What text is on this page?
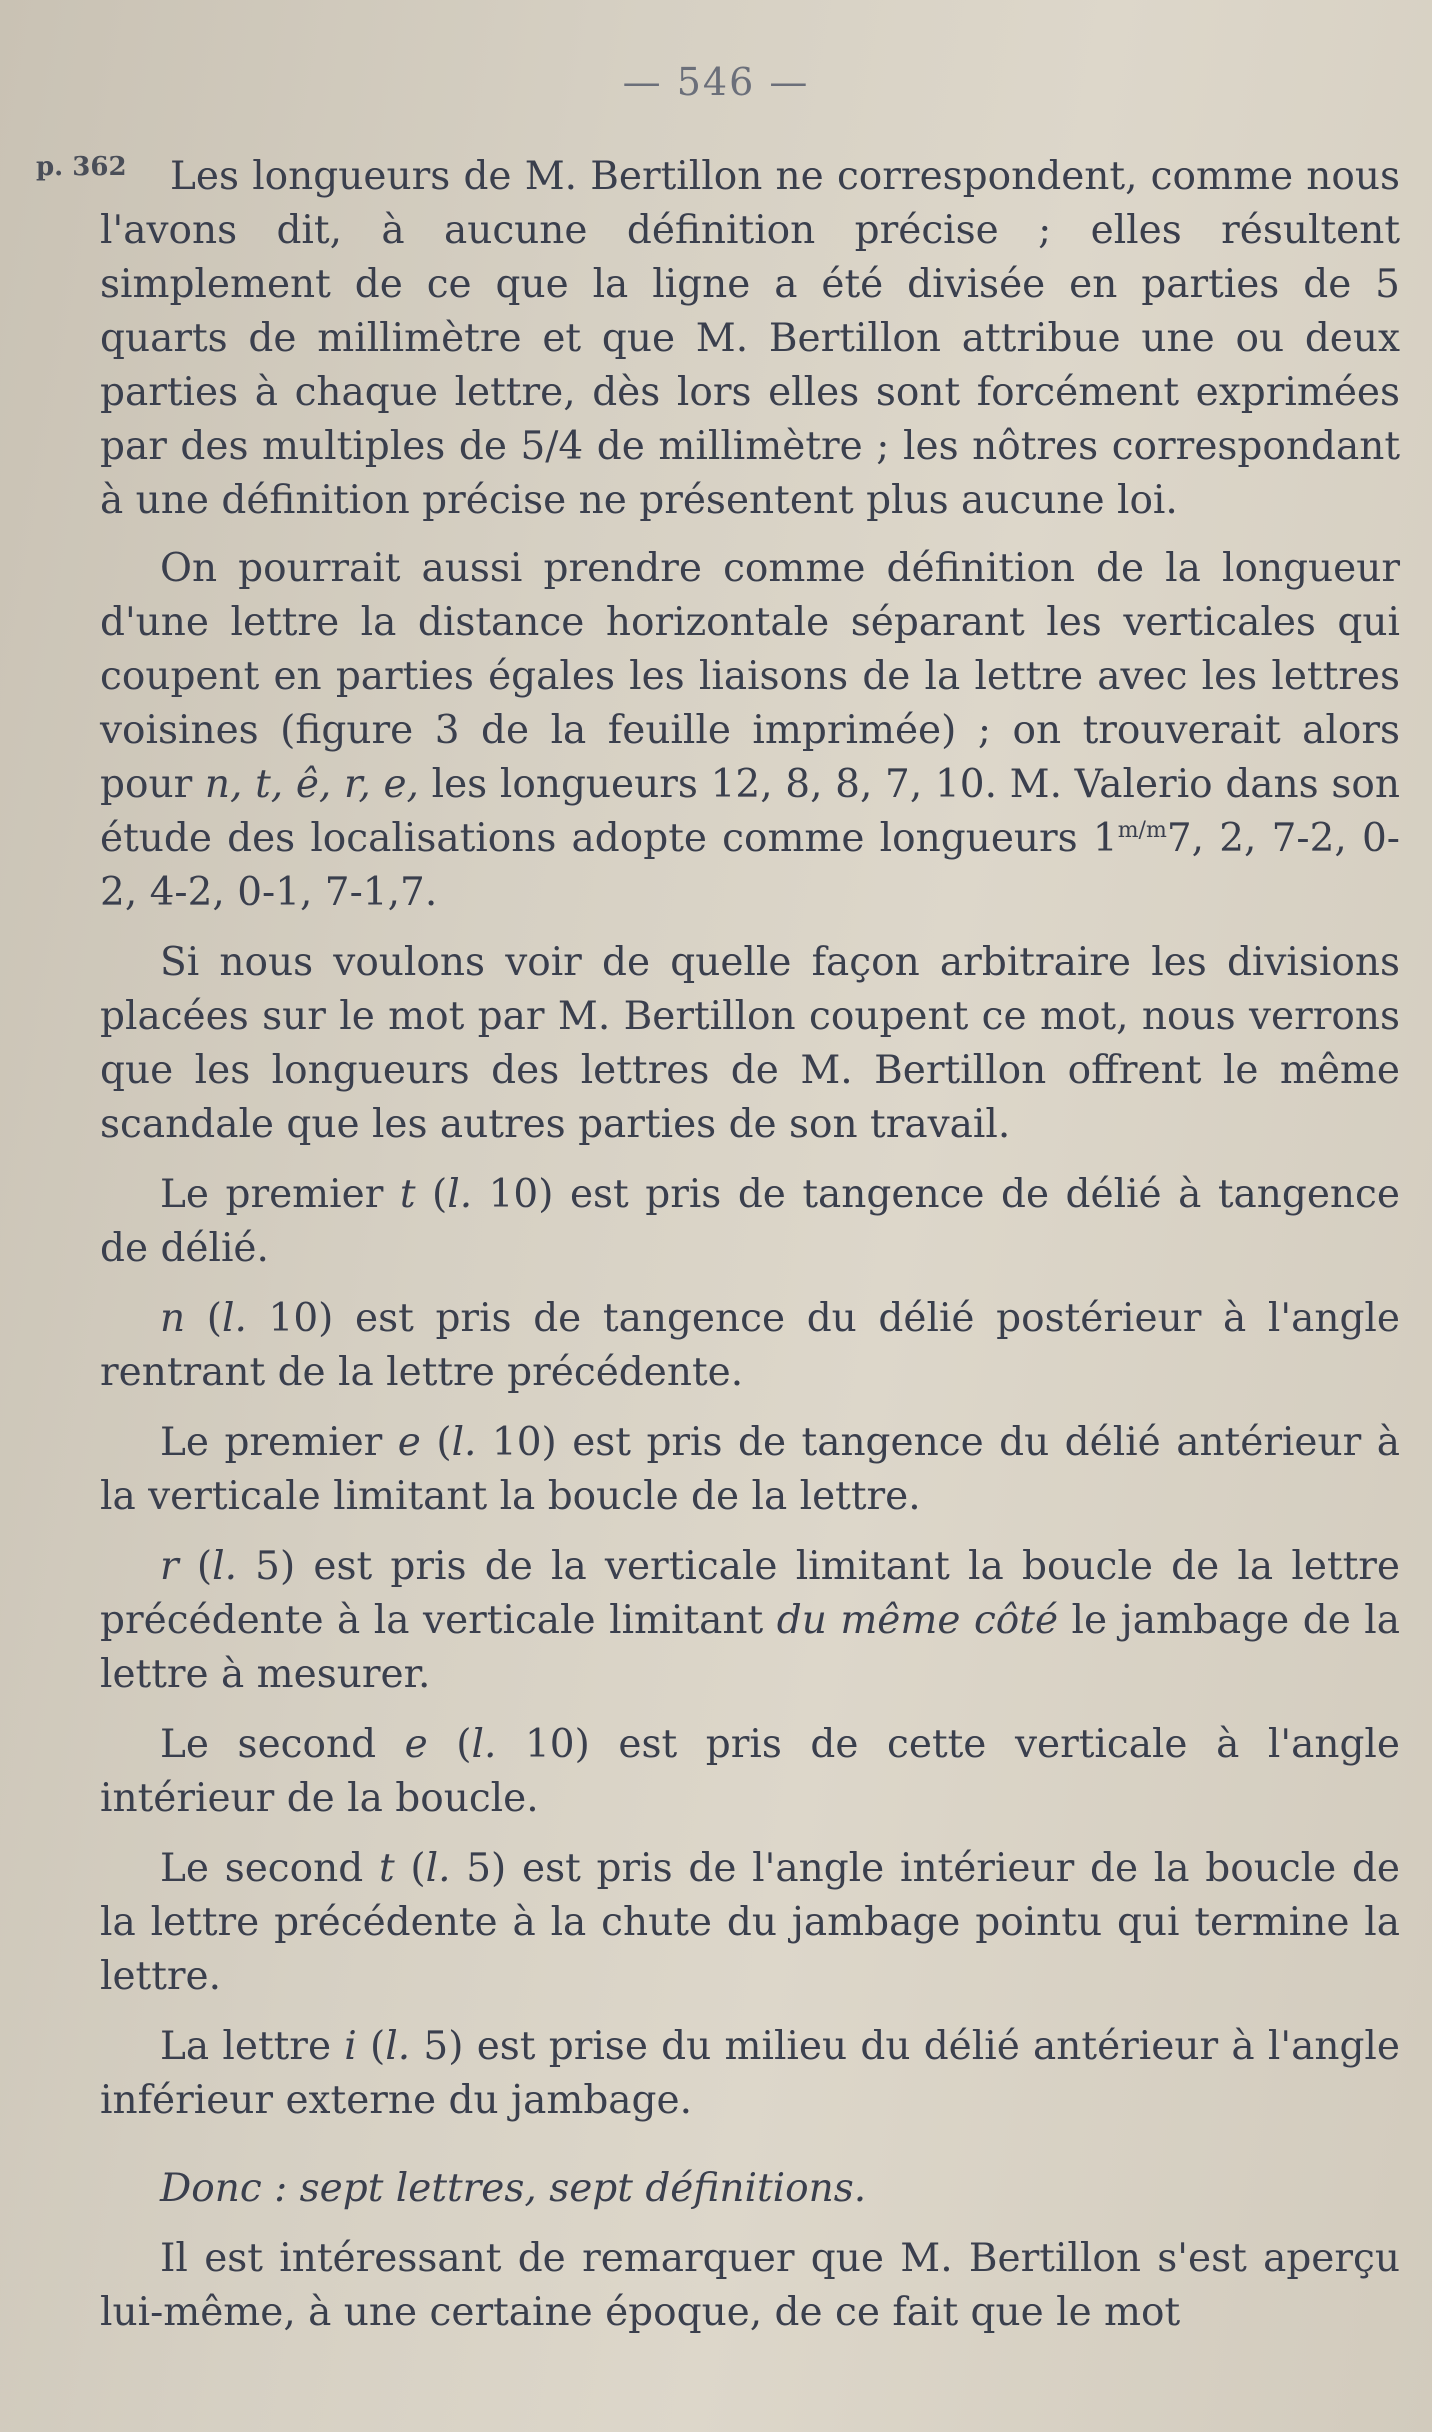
— 546 —
p. 362	Les longueurs de M. Bertillon ne correspondent, comme nous l'avons dit, à aucune définition précise ; elles résultent simplement de ce que la ligne a été divisée en parties de 5 quarts de millimètre et que M. Bertillon attribue une ou deux parties à chaque lettre, dès lors elles sont forcément exprimées par des multiples de 5/4 de millimètre ; les nôtres correspondant à une définition précise ne présentent plus aucune loi.

On pourrait aussi prendre comme définition de la longueur d'une lettre la distance horizontale séparant les verticales qui coupent en parties égales les liaisons de la lettre avec les lettres voisines (figure 3 de la feuille imprimée) ; on trouverait alors pour n, t, ê, r, e, les longueurs 12, 8, 8, 7, 10. M. Valerio dans son étude des localisations adopte comme longueurs $1^{m/m}7$, 2, 7-2, 0-2, 4-2, 0-1, 7-1,7.

Si nous voulons voir de quelle façon arbitraire les divisions placées sur le mot par M. Bertillon coupent ce mot, nous verrons que les longueurs des lettres de M. Bertillon offrent le même scandale que les autres parties de son travail.

Le premier t (l. 10) est pris de tangence de délié à tangence de délié.

n (l. 10) est pris de tangence du délié postérieur à l'angle rentrant de la lettre précédente.

Le premier e (l. 10) est pris de tangence du délié antérieur à la verticale limitant la boucle de la lettre.

r (l. 5) est pris de la verticale limitant la boucle de la lettre précédente à la verticale limitant du même côté le jambage de la lettre à mesurer.

Le second e (l. 10) est pris de cette verticale à l'angle intérieur de la boucle.

Le second t (l. 5) est pris de l'angle intérieur de la boucle de la lettre précédente à la chute du jambage pointu qui termine la lettre.

La lettre i (l. 5) est prise du milieu du délié antérieur à l'angle inférieur externe du jambage.

Donc : sept lettres, sept définitions.

Il est intéressant de remarquer que M. Bertillon s'est aperçu lui-même, à une certaine époque, de ce fait que le mot
